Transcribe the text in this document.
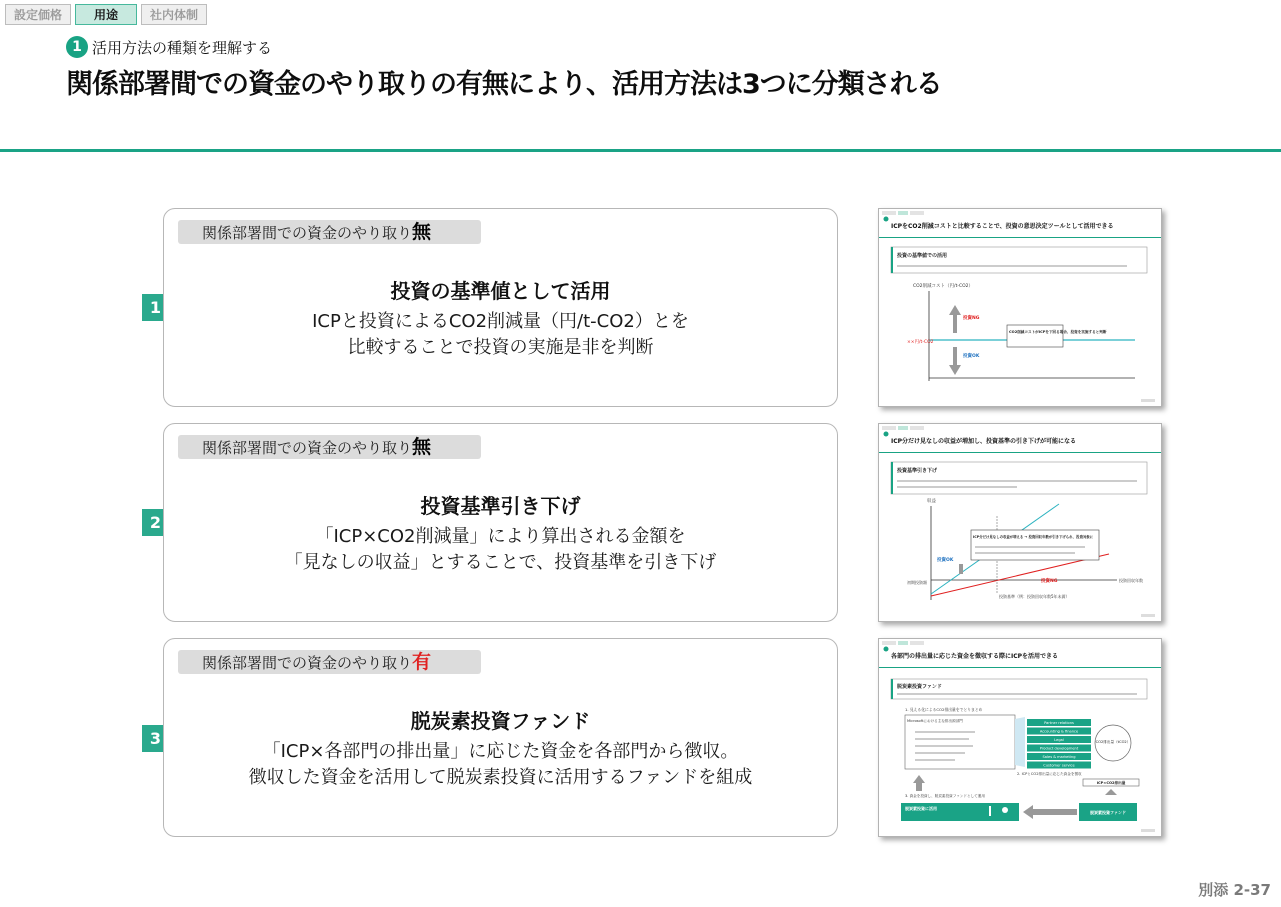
設定価格	用途	社内体制
1 活用方法の種類を理解する
関係部署間での資金のやり取りの有無により、活用方法は3つに分類される
1
関係部署間での資金のやり取り無
投資の基準値として活用
ICPと投資によるCO2削減量（円/t-CO2）とを
比較することで投資の実施是非を判断
2
関係部署間での資金のやり取り無
投資基準引き下げ
「ICP×CO2削減量」により算出される金額を
「見なしの収益」とすることで、投資基準を引き下げ
3
関係部署間での資金のやり取り有
脱炭素投資ファンド
「ICP×各部門の排出量」に応じた資金を各部門から徴収。
徴収した資金を活用して脱炭素投資に活用するファンドを組成
ICPをCO2削減コストと比較することで、投資の意思決定ツールとして活用できる
投資の基準値での活用
CO2削減コスト（円/t-CO2）
××円/t-CO2
投資NG
投資OK
CO2削減コストがICPを下回る場合、投資を実施すると判断
ICP分だけ見なしの収益が増加し、投資基準の引き下げが可能になる
投資基準引き下げ
収益
投資回収年数
初期投資額
投資OK
投資NG
ICP分だけ見なしの収益が増える → 投資回収年数が引き下げられ、投資対象に
投資基準（例：投資回収年数5年未満）
各部門の排出量に応じた資金を徴収する際にICPを活用できる
脱炭素投資ファンド
1. 見える化によるCO2排出量をでとりまとめ
Microsoftにおける主な排出源部門	Partner relations
Accounting & finance
Legal
Product development
Sales & marketing
Customer service
CO2排出量（tCO2）
2. ICPとCO2排出量に応じた資金を徴収
ICP×CO2排出量
脱炭素投資ファンド
脱炭素投資に活用
3. 資金を投資し、脱炭素投資ファンドとして運用
別添 2-37
